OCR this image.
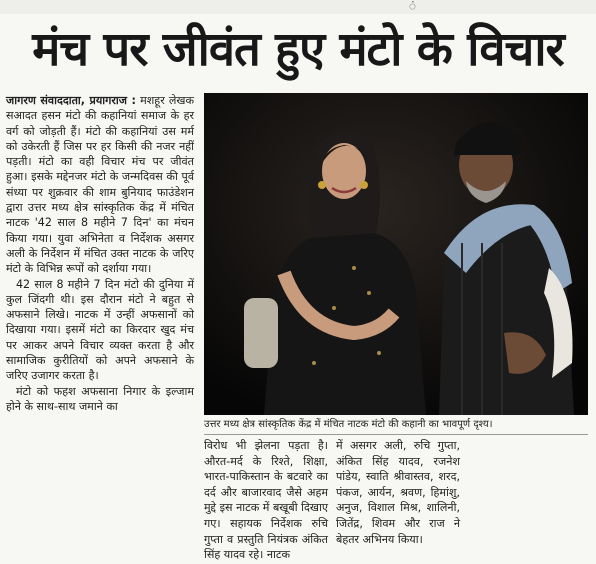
ं
मंच पर जीवंत हुए मंटो के विचार

जागरण संवाददाता, प्रयागराज : मशहूर लेखक सआदत हसन मंटो की कहानियां समाज के हर वर्ग को जोड़ती हैं। मंटो की कहानियां उस मर्म को उकेरती हैं जिस पर हर किसी की नजर नहीं पड़ती। मंटो का वही विचार मंच पर जीवंत हुआ। इसके मद्देनजर मंटो के जन्मदिवस की पूर्व संध्या पर शुक्रवार की शाम बुनियाद फाउंडेशन द्वारा उत्तर मध्य क्षेत्र सांस्कृतिक केंद्र में मंचित नाटक '42 साल 8 महीने 7 दिन' का मंचन किया गया। युवा अभिनेता व निर्देशक असगर अली के निर्देशन में मंचित उक्त नाटक के जरिए मंटो के विभिन्न रूपों को दर्शाया गया।

42 साल 8 महीने 7 दिन मंटो की दुनिया में कुल जिंदगी थी। इस दौरान मंटो ने बहुत से अफसाने लिखे। नाटक में उन्हीं अफसानों को दिखाया गया। इसमें मंटो का किरदार खुद मंच पर आकर अपने विचार व्यक्त करता है और सामाजिक कुरीतियों को अपने अफसाने के जरिए उजागर करता है।

मंटो को फहश अफसाना निगार के इल्जाम होने के साथ-साथ जमाने का

उत्तर मध्य क्षेत्र सांस्कृतिक केंद्र में मंचित नाटक मंटो की कहानी का भावपूर्ण दृश्य।

विरोध भी झेलना पड़ता है। औरत-मर्द के रिश्ते, शिक्षा, भारत-पाकिस्तान के बटवारे का दर्द और बाजारवाद जैसे अहम मुद्दे इस नाटक में बखूबी दिखाए गए। सहायक निर्देशक रुचि गुप्ता व प्रस्तुति नियंत्रक अंकित सिंह यादव रहे। नाटक

में असगर अली, रुचि गुप्ता, अंकित सिंह यादव, रजनेश पांडेय, स्वाति श्रीवास्तव, शरद, पंकज, आर्यन, श्रवण, हिमांशु, अनुज, विशाल मिश्र, शालिनी, जितेंद्र, शिवम और राज ने बेहतर अभिनय किया।
